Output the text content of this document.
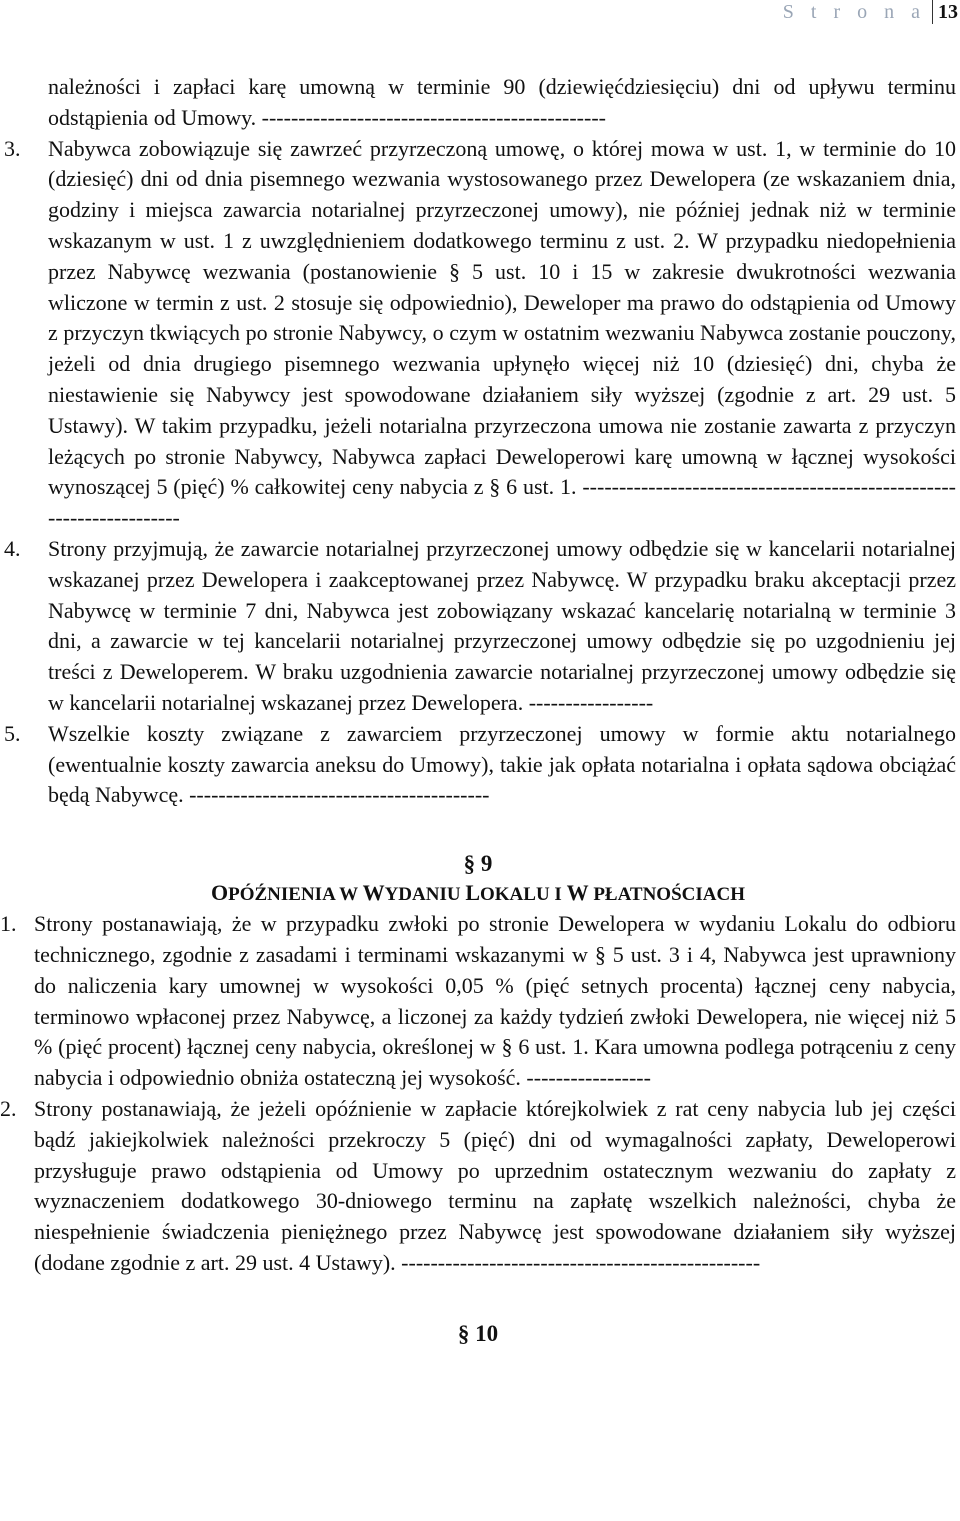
S t r o n a 13
należności i zapłaci karę umowną w terminie 90 (dziewięćdziesięciu) dni od upływu terminu odstąpienia od Umowy. -----------------------------------------------
3.	Nabywca zobowiązuje się zawrzeć przyrzeczoną umowę, o której mowa w ust. 1, w terminie do 10 (dziesięć) dni od dnia pisemnego wezwania wystosowanego przez Dewelopera (ze wskazaniem dnia, godziny i miejsca zawarcia notarialnej przyrzeczonej umowy), nie później jednak niż w terminie wskazanym w ust. 1 z uwzględnieniem dodatkowego terminu z ust. 2. W przypadku niedopełnienia przez Nabywcę wezwania (postanowienie § 5 ust. 10 i 15 w zakresie dwukrotności wezwania wliczone w termin z ust. 2 stosuje się odpowiednio), Deweloper ma prawo do odstąpienia od Umowy z przyczyn tkwiących po stronie Nabywcy, o czym w ostatnim wezwaniu Nabywca zostanie pouczony, jeżeli od dnia drugiego pisemnego wezwania upłynęło więcej niż 10 (dziesięć) dni, chyba że niestawienie się Nabywcy jest spowodowane działaniem siły wyższej (zgodnie z art. 29 ust. 5 Ustawy). W takim przypadku, jeżeli notarialna przyrzeczona umowa nie zostanie zawarta z przyczyn leżących po stronie Nabywcy, Nabywca zapłaci Deweloperowi karę umowną w łącznej wysokości wynoszącej 5 (pięć) % całkowitej ceny nabycia z § 6 ust. 1. ---------------------------------------------------------------------
4.	Strony przyjmują, że zawarcie notarialnej przyrzeczonej umowy odbędzie się w kancelarii notarialnej wskazanej przez Dewelopera i zaakceptowanej przez Nabywcę. W przypadku braku akceptacji przez Nabywcę w terminie 7 dni, Nabywca jest zobowiązany wskazać kancelarię notarialną w terminie 3 dni, a zawarcie w tej kancelarii notarialnej przyrzeczonej umowy odbędzie się po uzgodnieniu jej treści z Deweloperem. W braku uzgodnienia zawarcie notarialnej przyrzeczonej umowy odbędzie się w kancelarii notarialnej wskazanej przez Dewelopera. -----------------
5.	Wszelkie koszty związane z zawarciem przyrzeczonej umowy w formie aktu notarialnego (ewentualnie koszty zawarcia aneksu do Umowy), takie jak opłata notarialna i opłata sądowa obciążać będą Nabywcę. -----------------------------------------
§ 9
OPÓŹNIENIA W WYDANIU LOKALU I W PŁATNOŚCIACH
1. Strony postanawiają, że w przypadku zwłoki po stronie Dewelopera w wydaniu Lokalu do odbioru technicznego, zgodnie z zasadami i terminami wskazanymi w § 5 ust. 3 i 4, Nabywca jest uprawniony do naliczenia kary umownej w wysokości 0,05 % (pięć setnych procenta) łącznej ceny nabycia, terminowo wpłaconej przez Nabywcę, a liczonej za każdy tydzień zwłoki Dewelopera, nie więcej niż 5 % (pięć procent) łącznej ceny nabycia, określonej w § 6 ust. 1. Kara umowna podlega potrąceniu z ceny nabycia i odpowiednio obniża ostateczną jej wysokość. -----------------
2. Strony postanawiają, że jeżeli opóźnienie w zapłacie którejkolwiek z rat ceny nabycia lub jej części bądź jakiejkolwiek należności przekroczy 5 (pięć) dni od wymagalności zapłaty, Deweloperowi przysługuje prawo odstąpienia od Umowy po uprzednim ostatecznym wezwaniu do zapłaty z wyznaczeniem dodatkowego 30-dniowego terminu na zapłatę wszelkich należności, chyba że niespełnienie świadczenia pieniężnego przez Nabywcę jest spowodowane działaniem siły wyższej (dodane zgodnie z art. 29 ust. 4 Ustawy). -------------------------------------------------
§ 10
